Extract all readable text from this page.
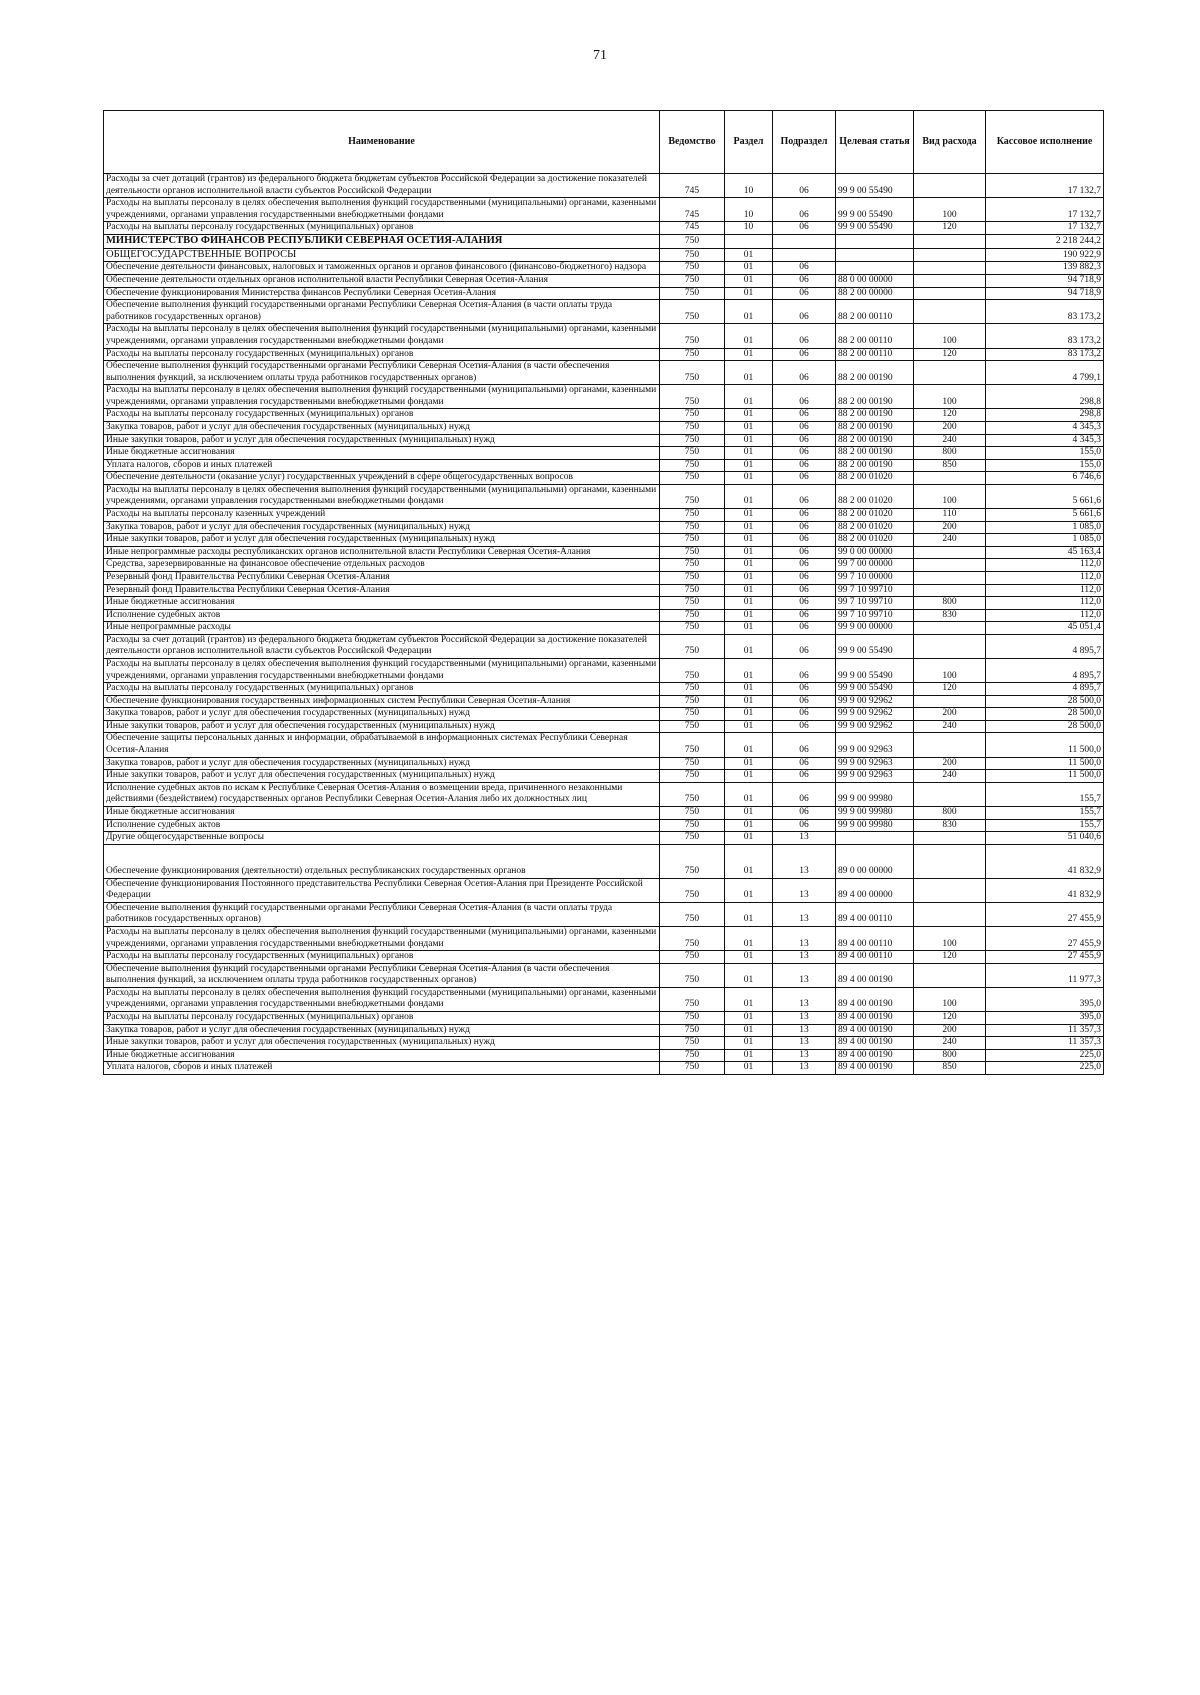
71
Наименование	Ведомство	Раздел	Подраздел	Целевая статья	Вид расхода	Кассовое исполнение
Расходы за счет дотаций (грантов) из федерального бюджета бюджетам субъектов Российской Федерации за достижение показателей деятельности органов исполнительной власти субъектов Российской Федерации	745	10	06	99 9 00 55490		17 132,7
Расходы на выплаты персоналу в целях обеспечения выполнения функций государственными (муниципальными) органами, казенными учреждениями, органами управления государственными внебюджетными фондами	745	10	06	99 9 00 55490	100	17 132,7
Расходы на выплаты персоналу государственных (муниципальных) органов	745	10	06	99 9 00 55490	120	17 132,7
МИНИСТЕРСТВО ФИНАНСОВ РЕСПУБЛИКИ СЕВЕРНАЯ ОСЕТИЯ-АЛАНИЯ	750					2 218 244,2
ОБЩЕГОСУДАРСТВЕННЫЕ ВОПРОСЫ	750	01				190 922,9
Обеспечение деятельности финансовых, налоговых и таможенных органов и органов финансового (финансово-бюджетного) надзора	750	01	06			139 882,3
Обеспечение деятельности отдельных органов исполнительной власти Республики Северная Осетия-Алания	750	01	06	88 0 00 00000		94 718,9
Обеспечение функционирования Министерства финансов Республики Северная Осетия-Алания	750	01	06	88 2 00 00000		94 718,9
Обеспечение выполнения функций государственными органами Республики Северная Осетия-Алания (в части оплаты труда работников государственных органов)	750	01	06	88 2 00 00110		83 173,2
Расходы на выплаты персоналу в целях обеспечения выполнения функций государственными (муниципальными) органами, казенными учреждениями, органами управления государственными внебюджетными фондами	750	01	06	88 2 00 00110	100	83 173,2
Расходы на выплаты персоналу государственных (муниципальных) органов	750	01	06	88 2 00 00110	120	83 173,2
Обеспечение выполнения функций государственными органами Республики Северная Осетия-Алания (в части обеспечения выполнения функций, за исключением оплаты труда работников государственных органов)	750	01	06	88 2 00 00190		4 799,1
Расходы на выплаты персоналу в целях обеспечения выполнения функций государственными (муниципальными) органами, казенными учреждениями, органами управления государственными внебюджетными фондами	750	01	06	88 2 00 00190	100	298,8
Расходы на выплаты персоналу государственных (муниципальных) органов	750	01	06	88 2 00 00190	120	298,8
Закупка товаров, работ и услуг для обеспечения государственных (муниципальных) нужд	750	01	06	88 2 00 00190	200	4 345,3
Иные закупки товаров, работ и услуг для обеспечения государственных (муниципальных) нужд	750	01	06	88 2 00 00190	240	4 345,3
Иные бюджетные ассигнования	750	01	06	88 2 00 00190	800	155,0
Уплата налогов, сборов и иных платежей	750	01	06	88 2 00 00190	850	155,0
Обеспечение деятельности (оказание услуг) государственных учреждений в сфере общегосударственных вопросов	750	01	06	88 2 00 01020		6 746,6
Расходы на выплаты персоналу в целях обеспечения выполнения функций государственными (муниципальными) органами, казенными учреждениями, органами управления государственными внебюджетными фондами	750	01	06	88 2 00 01020	100	5 661,6
Расходы на выплаты персоналу казенных учреждений	750	01	06	88 2 00 01020	110	5 661,6
Закупка товаров, работ и услуг для обеспечения государственных (муниципальных) нужд	750	01	06	88 2 00 01020	200	1 085,0
Иные закупки товаров, работ и услуг для обеспечения государственных (муниципальных) нужд	750	01	06	88 2 00 01020	240	1 085,0
Иные непрограммные расходы республиканских органов исполнительной власти Республики Северная Осетия-Алания	750	01	06	99 0 00 00000		45 163,4
Средства, зарезервированные на финансовое обеспечение отдельных расходов	750	01	06	99 7 00 00000		112,0
Резервный фонд Правительства Республики Северная Осетия-Алания	750	01	06	99 7 10 00000		112,0
Резервный фонд Правительства Республики Северная Осетия-Алания	750	01	06	99 7 10 99710		112,0
Иные бюджетные ассигнования	750	01	06	99 7 10 99710	800	112,0
Исполнение судебных актов	750	01	06	99 7 10 99710	830	112,0
Иные непрограммные расходы	750	01	06	99 9 00 00000		45 051,4
Расходы за счет дотаций (грантов) из федерального бюджета бюджетам субъектов Российской Федерации за достижение показателей деятельности органов исполнительной власти субъектов Российской Федерации	750	01	06	99 9 00 55490		4 895,7
Расходы на выплаты персоналу в целях обеспечения выполнения функций государственными (муниципальными) органами, казенными учреждениями, органами управления государственными внебюджетными фондами	750	01	06	99 9 00 55490	100	4 895,7
Расходы на выплаты персоналу государственных (муниципальных) органов	750	01	06	99 9 00 55490	120	4 895,7
Обеспечение функционирования государственных информационных систем Республики Северная Осетия-Алания	750	01	06	99 9 00 92962		28 500,0
Закупка товаров, работ и услуг для обеспечения государственных (муниципальных) нужд	750	01	06	99 9 00 92962	200	28 500,0
Иные закупки товаров, работ и услуг для обеспечения государственных (муниципальных) нужд	750	01	06	99 9 00 92962	240	28 500,0
Обеспечение защиты персональных данных и информации, обрабатываемой в информационных системах Республики Северная Осетия-Алания	750	01	06	99 9 00 92963		11 500,0
Закупка товаров, работ и услуг для обеспечения государственных (муниципальных) нужд	750	01	06	99 9 00 92963	200	11 500,0
Иные закупки товаров, работ и услуг для обеспечения государственных (муниципальных) нужд	750	01	06	99 9 00 92963	240	11 500,0
Исполнение судебных актов по искам к Республике Северная Осетия-Алания о возмещении вреда, причиненного незаконными действиями (бездействием) государственных органов Республики Северная Осетия-Алания либо их должностных лиц	750	01	06	99 9 00 99980		155,7
Иные бюджетные ассигнования	750	01	06	99 9 00 99980	800	155,7
Исполнение судебных актов	750	01	06	99 9 00 99980	830	155,7
Другие общегосударственные вопросы	750	01	13			51 040,6
Обеспечение функционирования (деятельности) отдельных республиканских государственных органов	750	01	13	89 0 00 00000		41 832,9
Обеспечение функционирования Постоянного представительства Республики Северная Осетия-Алания при Президенте Российской Федерации	750	01	13	89 4 00 00000		41 832,9
Обеспечение выполнения функций государственными органами Республики Северная Осетия-Алания (в части оплаты труда работников государственных органов)	750	01	13	89 4 00 00110		27 455,9
Расходы на выплаты персоналу в целях обеспечения выполнения функций государственными (муниципальными) органами, казенными учреждениями, органами управления государственными внебюджетными фондами	750	01	13	89 4 00 00110	100	27 455,9
Расходы на выплаты персоналу государственных (муниципальных) органов	750	01	13	89 4 00 00110	120	27 455,9
Обеспечение выполнения функций государственными органами Республики Северная Осетия-Алания (в части обеспечения выполнения функций, за исключением оплаты труда работников государственных органов)	750	01	13	89 4 00 00190		11 977,3
Расходы на выплаты персоналу в целях обеспечения выполнения функций государственными (муниципальными) органами, казенными учреждениями, органами управления государственными внебюджетными фондами	750	01	13	89 4 00 00190	100	395,0
Расходы на выплаты персоналу государственных (муниципальных) органов	750	01	13	89 4 00 00190	120	395,0
Закупка товаров, работ и услуг для обеспечения государственных (муниципальных) нужд	750	01	13	89 4 00 00190	200	11 357,3
Иные закупки товаров, работ и услуг для обеспечения государственных (муниципальных) нужд	750	01	13	89 4 00 00190	240	11 357,3
Иные бюджетные ассигнования	750	01	13	89 4 00 00190	800	225,0
Уплата налогов, сборов и иных платежей	750	01	13	89 4 00 00190	850	225,0
